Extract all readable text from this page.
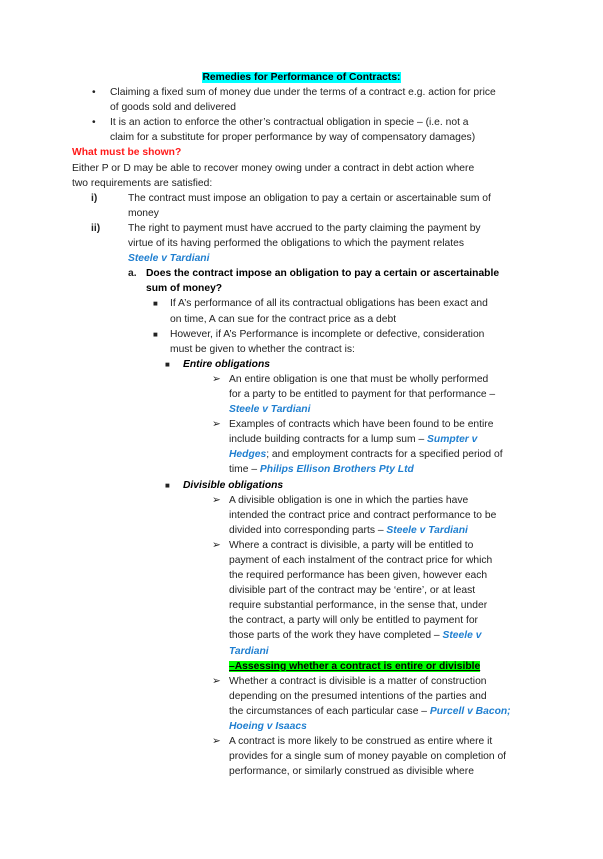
Remedies for Performance of Contracts:
• Claiming a fixed sum of money due under the terms of a contract e.g. action for price
of goods sold and delivered
• It is an action to enforce the other’s contractual obligation in specie – (i.e. not a
claim for a substitute for proper performance by way of compensatory damages)
What must be shown?
Either P or D may be able to recover money owing under a contract in debt action where
two requirements are satisfied:
i)	The contract must impose an obligation to pay a certain or ascertainable sum of
money
ii)	The right to payment must have accrued to the party claiming the payment by
virtue of its having performed the obligations to which the payment relates
Steele v Tardiani
a. Does the contract impose an obligation to pay a certain or ascertainable
sum of money?
■ If A’s performance of all its contractual obligations has been exact and
on time, A can sue for the contract price as a debt
■ However, if A’s Performance is incomplete or defective, consideration
must be given to whether the contract is:
■ Entire obligations
➢ An entire obligation is one that must be wholly performed
for a party to be entitled to payment for that performance –
Steele v Tardiani
➢ Examples of contracts which have been found to be entire
include building contracts for a lump sum – Sumpter v
Hedges; and employment contracts for a specified period of
time – Philips Ellison Brothers Pty Ltd
■ Divisible obligations
➢ A divisible obligation is one in which the parties have
intended the contract price and contract performance to be
divided into corresponding parts – Steele v Tardiani
➢ Where a contract is divisible, a party will be entitled to
payment of each instalment of the contract price for which
the required performance has been given, however each
divisible part of the contract may be ‘entire’, or at least
require substantial performance, in the sense that, under
the contract, a party will only be entitled to payment for
those parts of the work they have completed – Steele v
Tardiani
–Assessing whether a contract is entire or divisible
➢ Whether a contract is divisible is a matter of construction
depending on the presumed intentions of the parties and
the circumstances of each particular case – Purcell v Bacon;
Hoeing v Isaacs
➢ A contract is more likely to be construed as entire where it
provides for a single sum of money payable on completion of
performance, or similarly construed as divisible where
